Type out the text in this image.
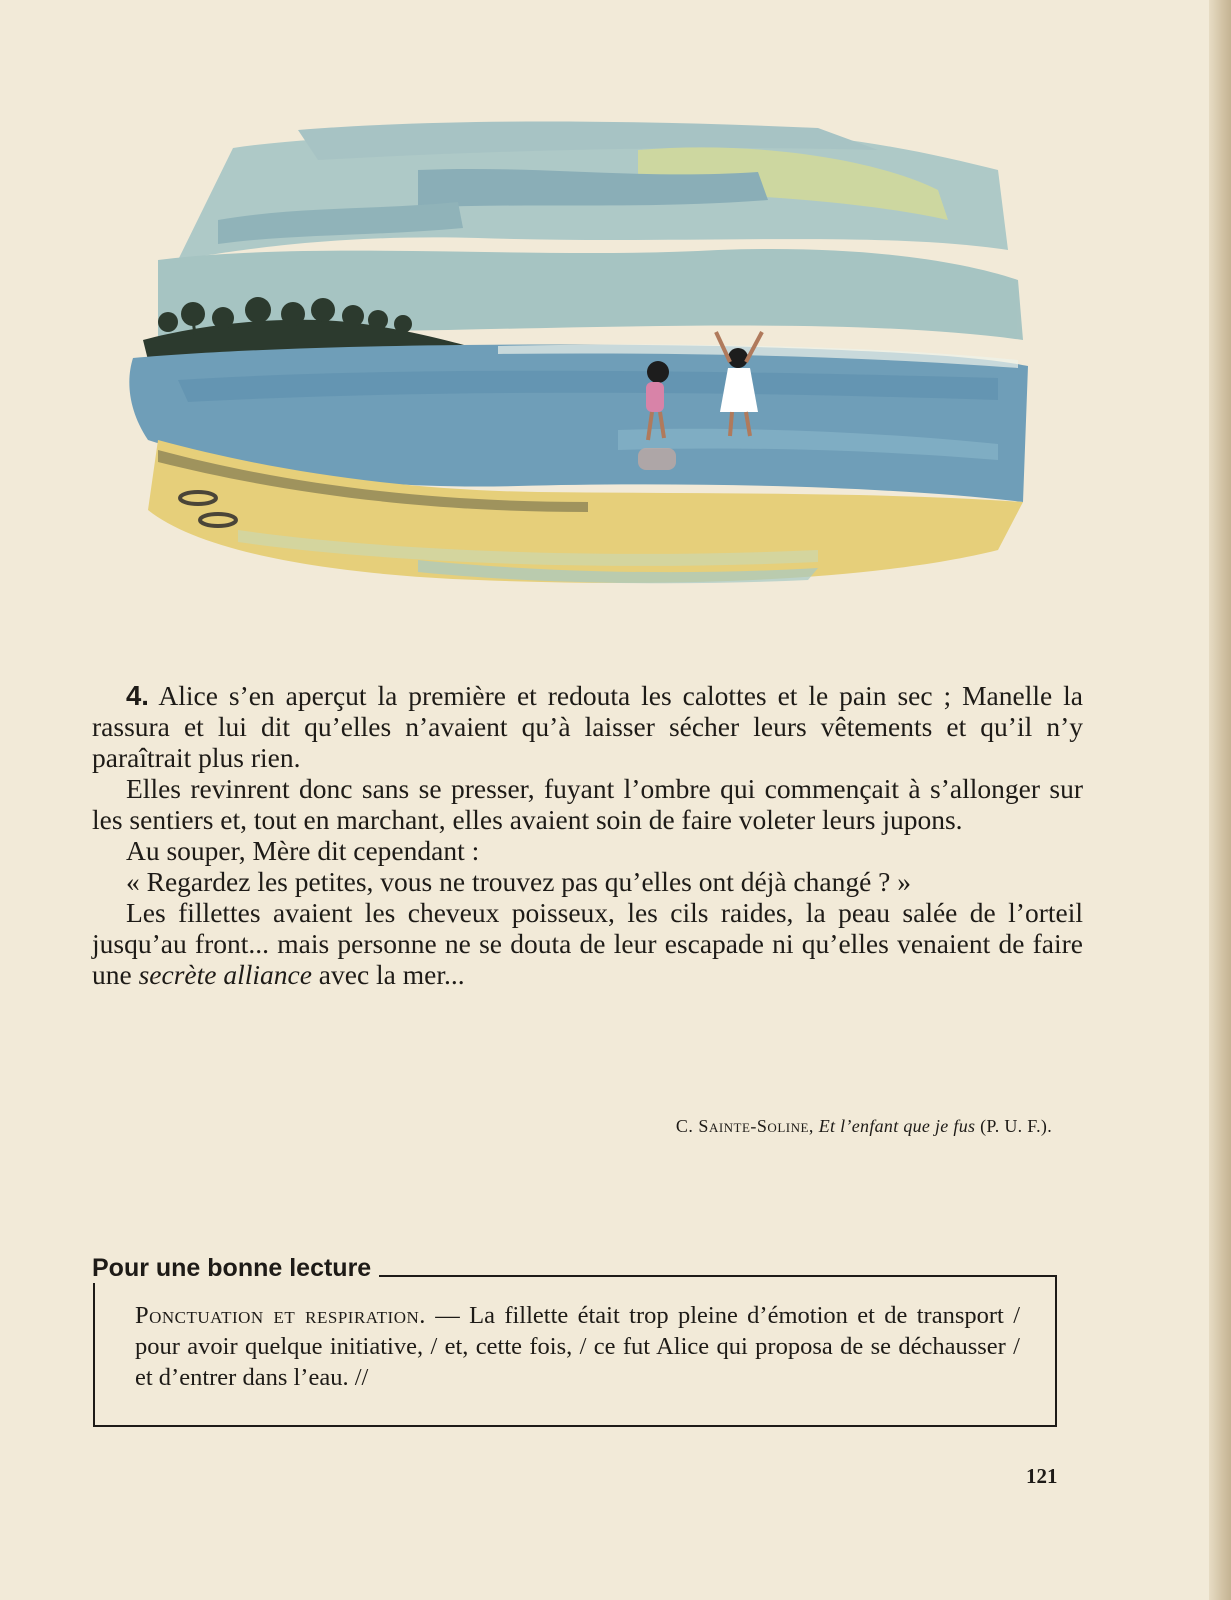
4. Alice s’en aperçut la première et redouta les calottes et le pain sec ; Manelle la rassura et lui dit qu’elles n’avaient qu’à laisser sécher leurs vêtements et qu’il n’y paraîtrait plus rien.

Elles revinrent donc sans se presser, fuyant l’ombre qui commençait à s’allonger sur les sentiers et, tout en marchant, elles avaient soin de faire voleter leurs jupons.

Au souper, Mère dit cependant :

« Regardez les petites, vous ne trouvez pas qu’elles ont déjà changé ? »

Les fillettes avaient les cheveux poisseux, les cils raides, la peau salée de l’orteil jusqu’au front... mais personne ne se douta de leur escapade ni qu’elles venaient de faire une secrète alliance avec la mer...

C. Sainte-Soline, Et l’enfant que je fus (P. U. F.).
Pour une bonne lecture
Ponctuation et respiration. — La fillette était trop pleine d’émotion et de transport / pour avoir quelque initiative, / et, cette fois, / ce fut Alice qui proposa de se déchausser / et d’entrer dans l’eau. //
121
